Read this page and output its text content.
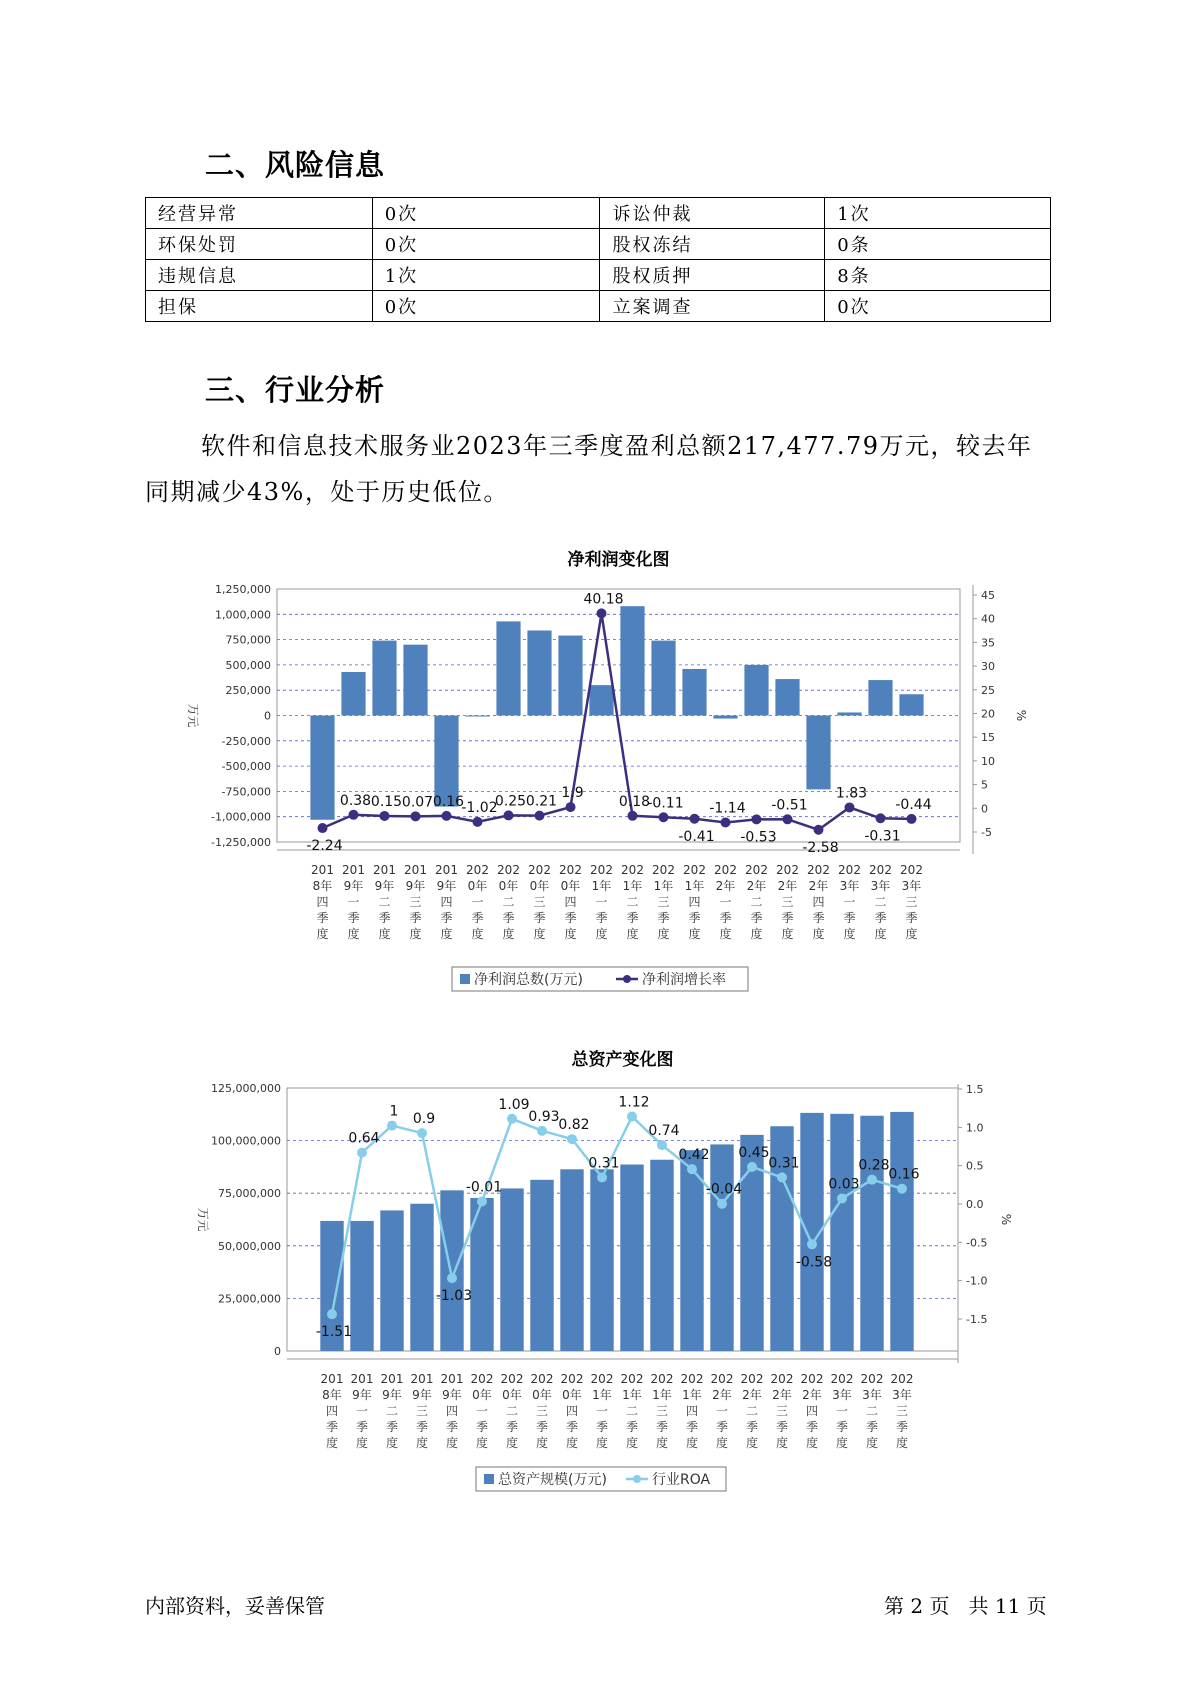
二、风险信息
经营异常	0次	诉讼仲裁	1次
环保处罚	0次	股权冻结	0条
违规信息	1次	股权质押	8条
担保	0次	立案调查	0次
三、行业分析
软件和信息技术服务业2023年三季度盈利总额217,477.79万元，较去年同期减少43%，处于历史低位。
净利润变化图
1,250,000
1,000,000
750,000
500,000
250,000
0
-250,000
-500,000
-750,000
-1,000,000
-1,250,000
45
40
35
30
25
20
15
10
5
0
-5
万元	%
201
8年
四
季
度
201
9年
一
季
度
201
9年
二
季
度
201
9年
三
季
度
201
9年
四
季
度
202
0年
一
季
度
202
0年
二
季
度
202
0年
三
季
度
202
0年
四
季
度
202
1年
一
季
度
202
1年
二
季
度
202
1年
三
季
度
202
1年
四
季
度
202
2年
一
季
度
202
2年
二
季
度
202
2年
三
季
度
202
2年
四
季
度
202
3年
一
季
度
202
3年
二
季
度
202
3年
三
季
度
-2.24
0.38 0.15 0.07 0.16
-1.02
0.25 0.21
1.9
40.18
0.18
-0.11
-0.41
-1.14
-0.53
-0.51
-2.58
1.83
-0.31
-0.44
净利润总数(万元)	净利润增长率
总资产变化图
125,000,000
100,000,000
75,000,000
50,000,000
25,000,000
0
1.5
1.0
0.5
0.0
-0.5
-1.0
-1.5
万元	%
201
8年
四
季
度
201
9年
一
季
度
201
9年
二
季
度
201
9年
三
季
度
201
9年
四
季
度
202
0年
一
季
度
202
0年
二
季
度
202
0年
三
季
度
202
0年
四
季
度
202
1年
一
季
度
202
1年
二
季
度
202
1年
三
季
度
202
1年
四
季
度
202
2年
一
季
度
202
2年
二
季
度
202
2年
三
季
度
202
2年
四
季
度
202
3年
一
季
度
202
3年
二
季
度
202
3年
三
季
度
-1.51
0.64
1 0.9
-1.03
-0.01
1.09
0.93
0.82
0.31
1.12
0.74
0.42
-0.04
0.45
0.31
-0.58
0.03
0.28
0.16
总资产规模(万元)	行业ROA
内部资料，妥善保管	第 2 页   共 11 页
